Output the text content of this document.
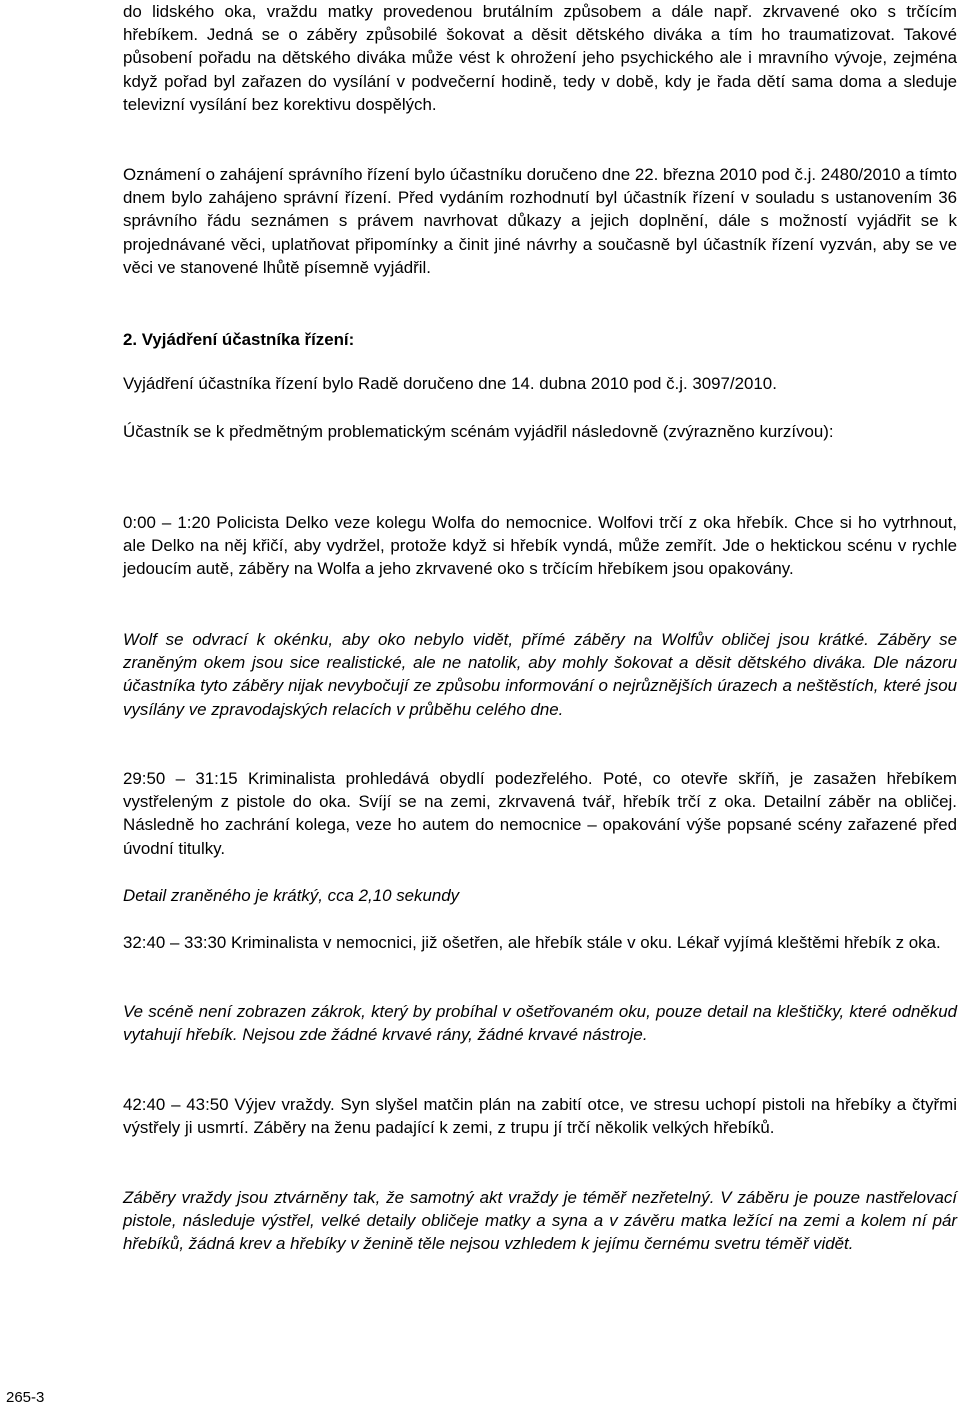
do lidského oka, vraždu matky provedenou brutálním způsobem a dále např. zkrvavené oko s trčícím hřebíkem. Jedná se o záběry způsobilé šokovat a děsit dětského diváka a tím ho traumatizovat. Takové působení pořadu na dětského diváka může vést k ohrožení jeho psychického ale i mravního vývoje, zejména když pořad byl zařazen do vysílání v podvečerní hodině, tedy v době, kdy je řada dětí sama doma a sleduje televizní vysílání bez korektivu dospělých.

Oznámení o zahájení správního řízení bylo účastníku doručeno dne 22. března 2010 pod č.j. 2480/2010 a tímto dnem bylo zahájeno správní řízení. Před vydáním rozhodnutí byl účastník řízení v souladu s ustanovením 36 správního řádu seznámen s právem navrhovat důkazy a jejich doplnění, dále s možností vyjádřit se k projednávané věci, uplatňovat připomínky a činit jiné návrhy a současně byl účastník řízení vyzván, aby se ve věci ve stanovené lhůtě písemně vyjádřil.

2. Vyjádření účastníka řízení:

Vyjádření účastníka řízení bylo Radě doručeno dne 14. dubna 2010 pod č.j. 3097/2010.

Účastník se k předmětným problematickým scénám vyjádřil následovně (zvýrazněno kurzívou):

0:00 – 1:20 Policista Delko veze kolegu Wolfa do nemocnice. Wolfovi trčí z oka hřebík. Chce si ho vytrhnout, ale Delko na něj křičí, aby vydržel, protože když si hřebík vyndá, může zemřít. Jde o hektickou scénu v rychle jedoucím autě, záběry na Wolfa a jeho zkrvavené oko s trčícím hřebíkem jsou opakovány.

Wolf se odvrací k okénku, aby oko nebylo vidět, přímé záběry na Wolfův obličej jsou krátké. Záběry se zraněným okem jsou sice realistické, ale ne natolik, aby mohly šokovat a děsit dětského diváka. Dle názoru účastníka tyto záběry nijak nevybočují ze způsobu informování o nejrůznějších úrazech a neštěstích, které jsou vysílány ve zpravodajských relacích v průběhu celého dne.

29:50 – 31:15 Kriminalista prohledává obydlí podezřelého. Poté, co otevře skříň, je zasažen hřebíkem vystřeleným z pistole do oka. Svíjí se na zemi, zkrvavená tvář, hřebík trčí z oka. Detailní záběr na obličej. Následně ho zachrání kolega, veze ho autem do nemocnice – opakování výše popsané scény zařazené před úvodní titulky.

Detail zraněného je krátký, cca 2,10 sekundy

32:40 – 33:30 Kriminalista v nemocnici, již ošetřen, ale hřebík stále v oku. Lékař vyjímá kleštěmi hřebík z oka.

Ve scéně není zobrazen zákrok, který by probíhal v ošetřovaném oku, pouze detail na kleštičky, které odněkud vytahují hřebík. Nejsou zde žádné krvavé rány, žádné krvavé nástroje.

42:40 – 43:50 Výjev vraždy. Syn slyšel matčin plán na zabití otce, ve stresu uchopí pistoli na hřebíky a čtyřmi výstřely ji usmrtí. Záběry na ženu padající k zemi, z trupu jí trčí několik velkých hřebíků.

Záběry vraždy jsou ztvárněny tak, že samotný akt vraždy je téměř nezřetelný. V záběru je pouze nastřelovací pistole, následuje výstřel, velké detaily obličeje matky a syna a v závěru matka ležící na zemi a kolem ní pár hřebíků, žádná krev a hřebíky v ženině těle nejsou vzhledem k jejímu černému svetru téměř vidět.

265-3
